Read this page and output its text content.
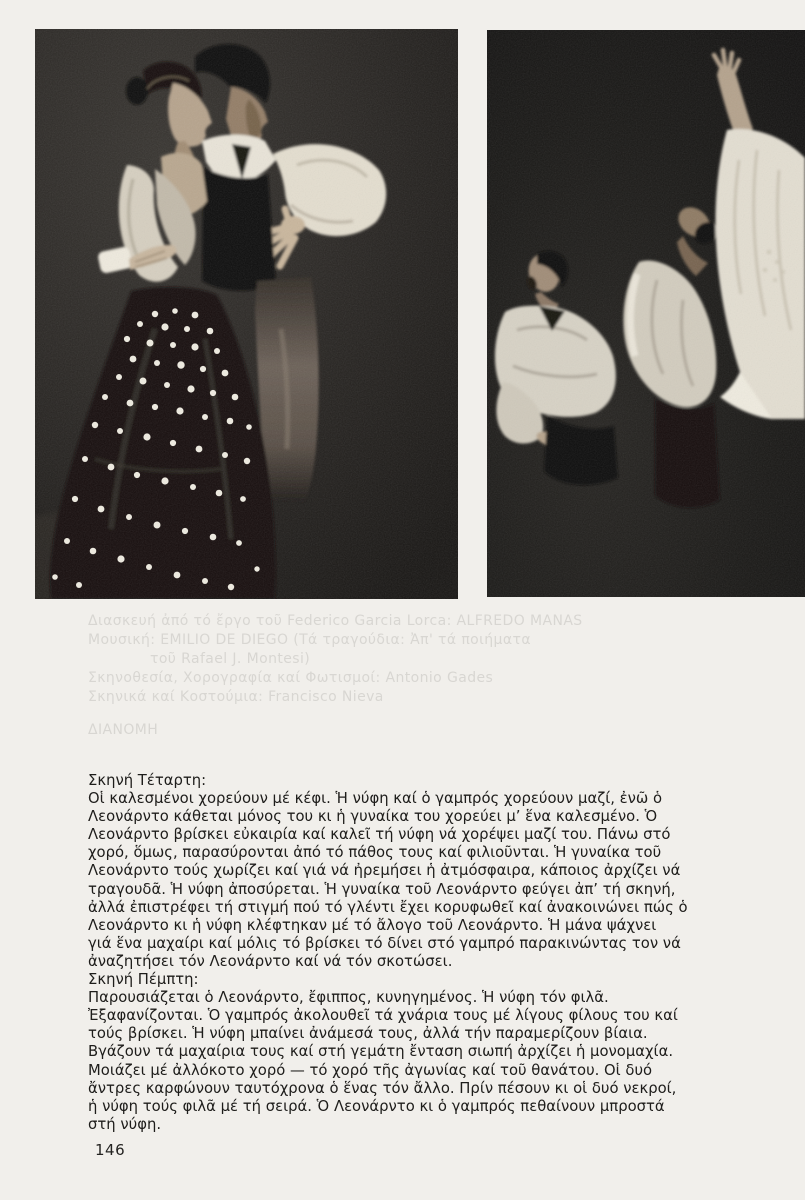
Διασκευή ἀπό τό ἔργο τοῦ Federico Garcia Lorca: ALFREDO MANAS
Μουσική: EMILIO DE DIEGO (Τά τραγούδια: Ἀπ' τά ποιήματα
τοῦ Rafael J. Montesi)
Σκηνοθεσία, Χορογραφία καί Φωτισμοί: Antonio Gades
Σκηνικά καί Κοστούμια: Francisco Nieva
ΔΙΑΝΟΜΗ
Σκηνή Τέταρτη:
Οἱ καλεσμένοι χορεύουν μέ κέφι. Ἡ νύφη καί ὁ γαμπρός χορεύουν μαζί, ἐνῶ ὁ
Λεονάρντο κάθεται μόνος του κι ἡ γυναίκα του χορεύει μ’ ἕνα καλεσμένο. Ὁ
Λεονάρντο βρίσκει εὐκαιρία καί καλεῖ τή νύφη νά χορέψει μαζί του. Πάνω στό
χορό, ὅμως, παρασύρονται ἀπό τό πάθος τους καί φιλιοῦνται. Ἡ γυναίκα τοῦ
Λεονάρντο τούς χωρίζει καί γιά νά ἠρεμήσει ἡ ἀτμόσφαιρα, κάποιος ἀρχίζει νά
τραγουδᾶ. Ἡ νύφη ἀποσύρεται. Ἡ γυναίκα τοῦ Λεονάρντο φεύγει ἀπ’ τή σκηνή,
ἀλλά ἐπιστρέφει τή στιγμή πού τό γλέντι ἔχει κορυφωθεῖ καί ἀνακοινώνει πώς ὁ
Λεονάρντο κι ἡ νύφη κλέφτηκαν μέ τό ἄλογο τοῦ Λεονάρντο. Ἡ μάνα ψάχνει
γιά ἕνα μαχαίρι καί μόλις τό βρίσκει τό δίνει στό γαμπρό παρακινώντας τον νά
ἀναζητήσει τόν Λεονάρντο καί νά τόν σκοτώσει.
Σκηνή Πέμπτη:
Παρουσιάζεται ὁ Λεονάρντο, ἔφιππος, κυνηγημένος. Ἡ νύφη τόν φιλᾶ.
Ἐξαφανίζονται. Ὁ γαμπρός ἀκολουθεῖ τά χνάρια τους μέ λίγους φίλους του καί
τούς βρίσκει. Ἡ νύφη μπαίνει ἀνάμεσά τους, ἀλλά τήν παραμερίζουν βίαια.
Βγάζουν τά μαχαίρια τους καί στή γεμάτη ἔνταση σιωπή ἀρχίζει ἡ μονομαχία.
Μοιάζει μέ ἀλλόκοτο χορό — τό χορό τῆς ἀγωνίας καί τοῦ θανάτου. Οἱ δυό
ἄντρες καρφώνουν ταυτόχρονα ὁ ἕνας τόν ἄλλο. Πρίν πέσουν κι οἱ δυό νεκροί,
ἡ νύφη τούς φιλᾶ μέ τή σειρά. Ὁ Λεονάρντο κι ὁ γαμπρός πεθαίνουν μπροστά
στή νύφη.
146
